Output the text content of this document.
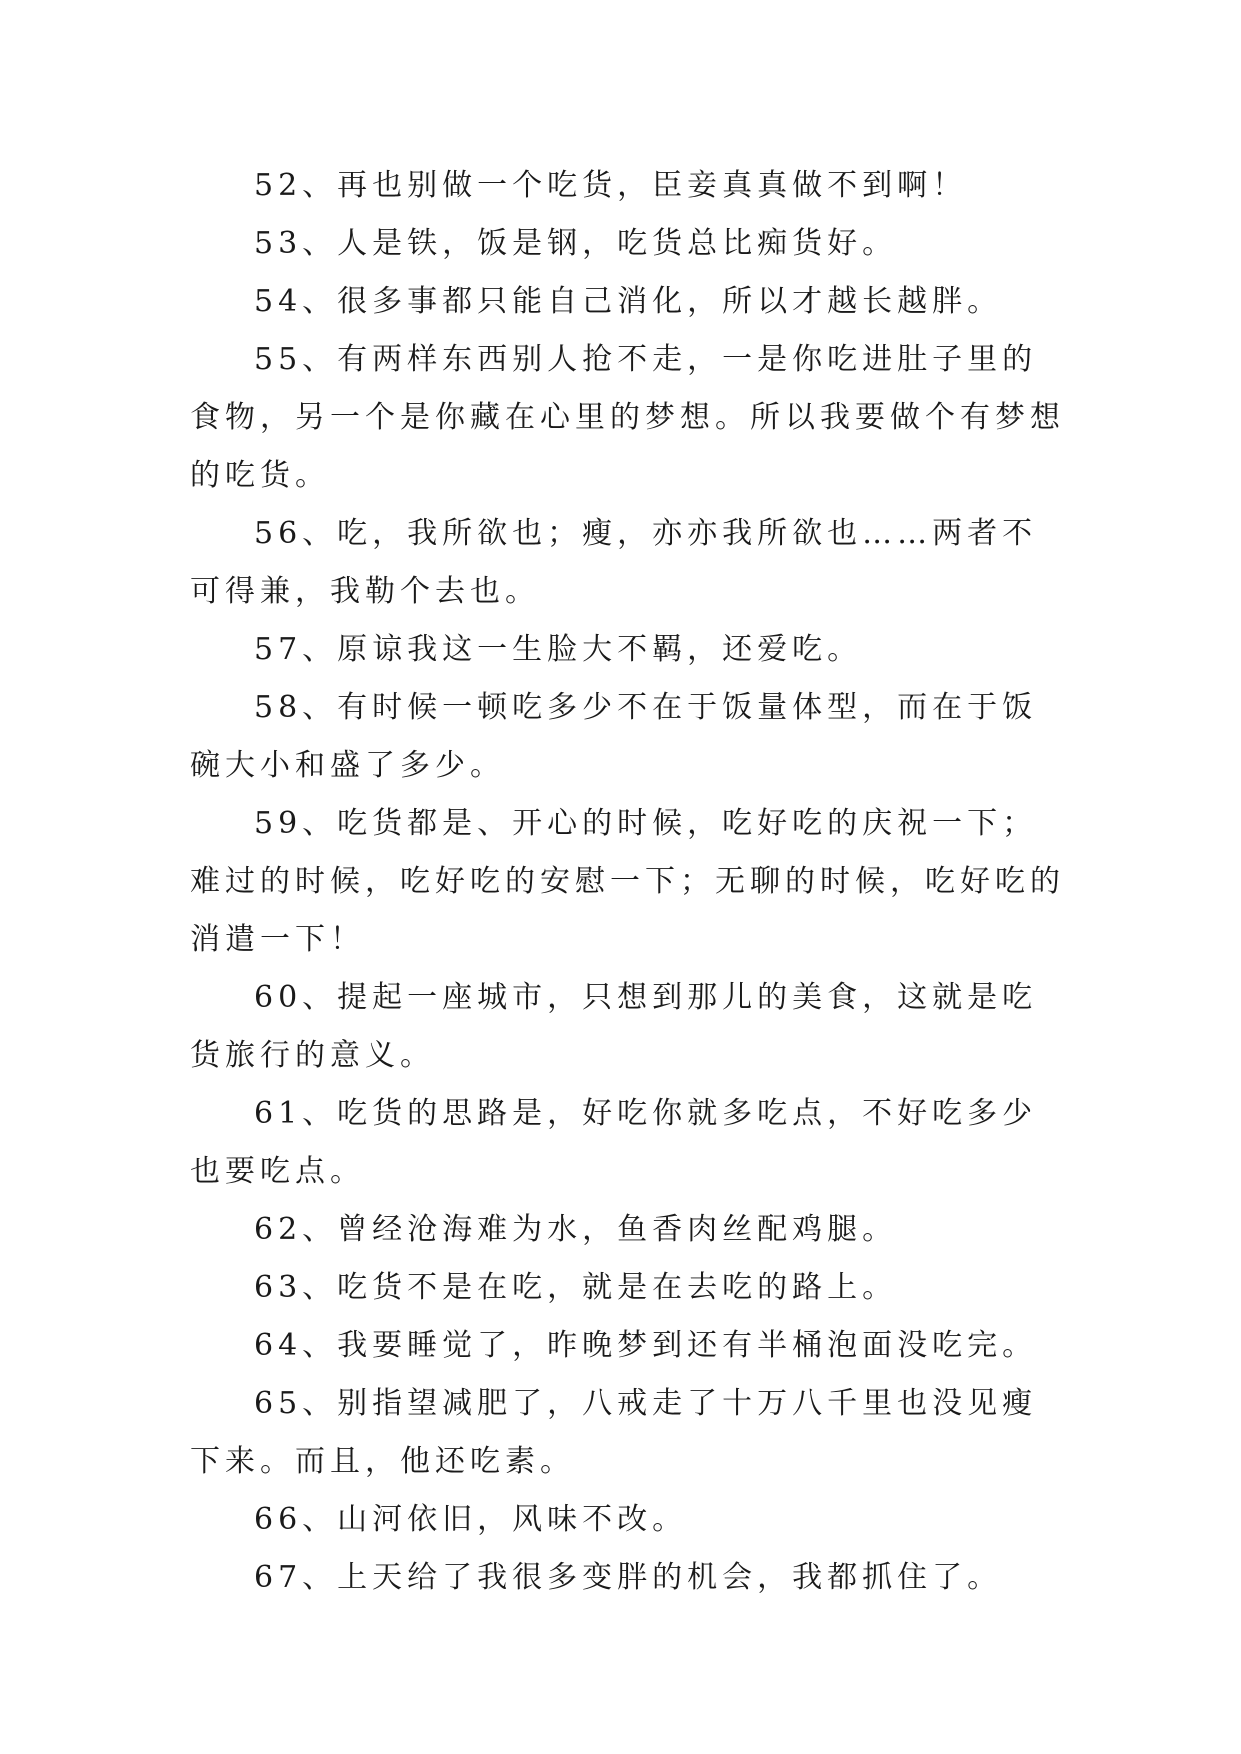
52、再也别做一个吃货，臣妾真真做不到啊！

53、人是铁，饭是钢，吃货总比痴货好。

54、很多事都只能自己消化，所以才越长越胖。

55、有两样东西别人抢不走，一是你吃进肚子里的食物，另一个是你藏在心里的梦想。所以我要做个有梦想的吃货。

56、吃，我所欲也；瘦，亦亦我所欲也……两者不可得兼，我勒个去也。

57、原谅我这一生脸大不羁，还爱吃。

58、有时候一顿吃多少不在于饭量体型，而在于饭碗大小和盛了多少。

59、吃货都是、开心的时候，吃好吃的庆祝一下；难过的时候，吃好吃的安慰一下；无聊的时候，吃好吃的消遣一下！

60、提起一座城市，只想到那儿的美食，这就是吃货旅行的意义。

61、吃货的思路是，好吃你就多吃点，不好吃多少也要吃点。

62、曾经沧海难为水，鱼香肉丝配鸡腿。

63、吃货不是在吃，就是在去吃的路上。

64、我要睡觉了，昨晚梦到还有半桶泡面没吃完。

65、别指望减肥了，八戒走了十万八千里也没见瘦下来。而且，他还吃素。

66、山河依旧，风味不改。

67、上天给了我很多变胖的机会，我都抓住了。
